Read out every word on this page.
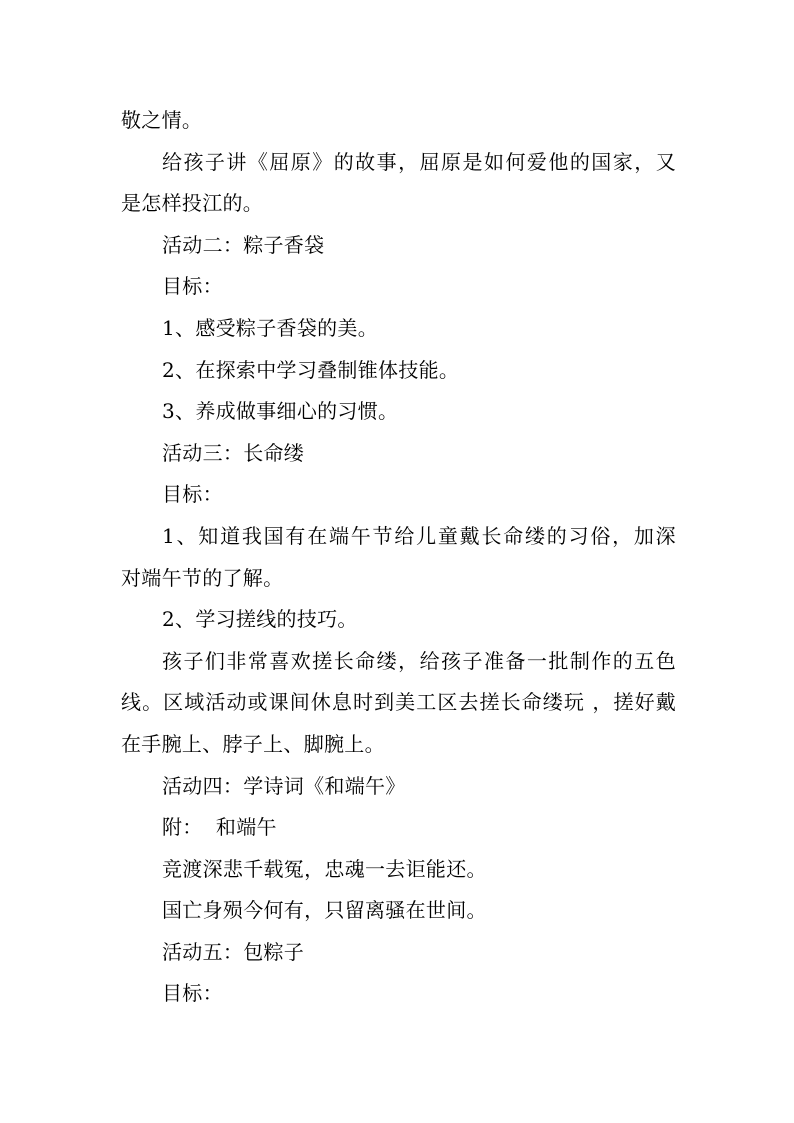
敬之情。
给孩子讲《屈原》的故事，屈原是如何爱他的国家，又
是怎样投江的。
活动二：粽子香袋
目标：
1、感受粽子香袋的美。
2、在探索中学习叠制锥体技能。
3、养成做事细心的习惯。
活动三：长命缕
目标：
1、知道我国有在端午节给儿童戴长命缕的习俗，加深
对端午节的了解。
2、学习搓线的技巧。
孩子们非常喜欢搓长命缕，给孩子准备一批制作的五色
线。区域活动或课间休息时到美工区去搓长命缕玩 ，搓好戴
在手腕上、脖子上、脚腕上。
活动四：学诗词《和端午》
附：  和端午
竞渡深悲千载冤，忠魂一去讵能还。
国亡身殒今何有，只留离骚在世间。
活动五：包粽子
目标：
